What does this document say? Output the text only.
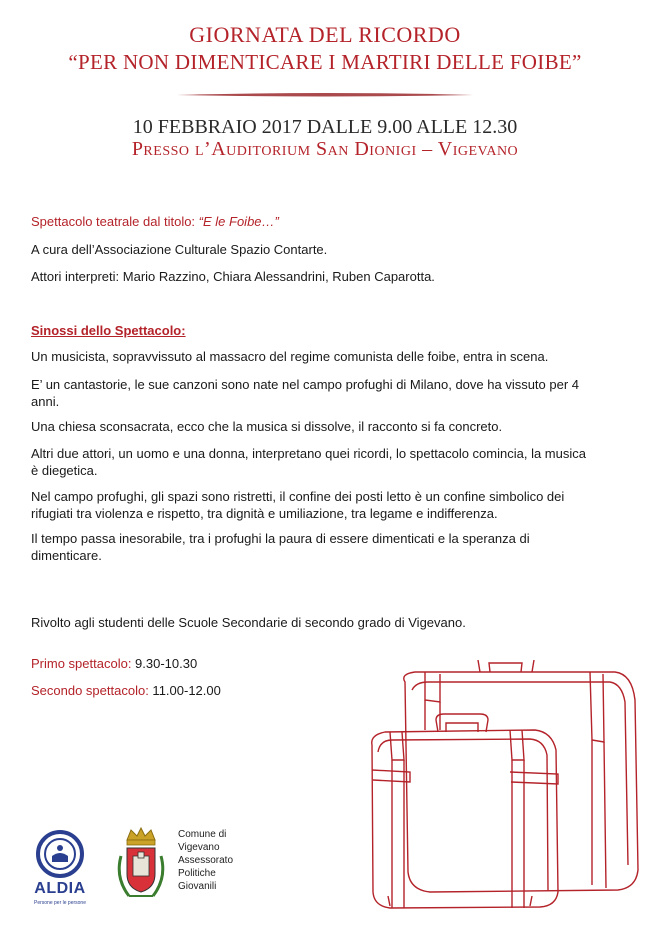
GIORNATA DEL RICORDO
“PER NON DIMENTICARE I MARTIRI DELLE FOIBE”
10 FEBBRAIO 2017 DALLE 9.00 ALLE 12.30
Presso l’Auditorium San Dionigi – Vigevano
Spettacolo teatrale dal titolo: “E le Foibe…”
A cura dell’Associazione Culturale Spazio Contarte.
Attori interpreti: Mario Razzino, Chiara Alessandrini, Ruben Caparotta.
Sinossi dello Spettacolo:
Un musicista, sopravvissuto al massacro del regime comunista delle foibe, entra in scena.
E’ un cantastorie, le sue canzoni sono nate nel campo profughi di Milano, dove ha vissuto per 4 anni.
Una chiesa sconsacrata, ecco che la musica si dissolve, il racconto si fa concreto.
Altri due attori, un uomo e una donna, interpretano quei ricordi, lo spettacolo comincia, la musica è diegetica.
Nel campo profughi, gli spazi sono ristretti, il confine dei posti letto è un confine simbolico dei rifugiati tra violenza e rispetto, tra dignità e umiliazione, tra legame e indifferenza.
Il tempo passa inesorabile, tra i profughi la paura di essere dimenticati e la speranza di dimenticare.
Rivolto agli studenti delle Scuole Secondarie di secondo grado di Vigevano.
Primo spettacolo: 9.30-10.30
Secondo spettacolo: 11.00-12.00
ALDIA
Persone per le persone
Comune di
Vigevano
Assessorato
Politiche
Giovanili
